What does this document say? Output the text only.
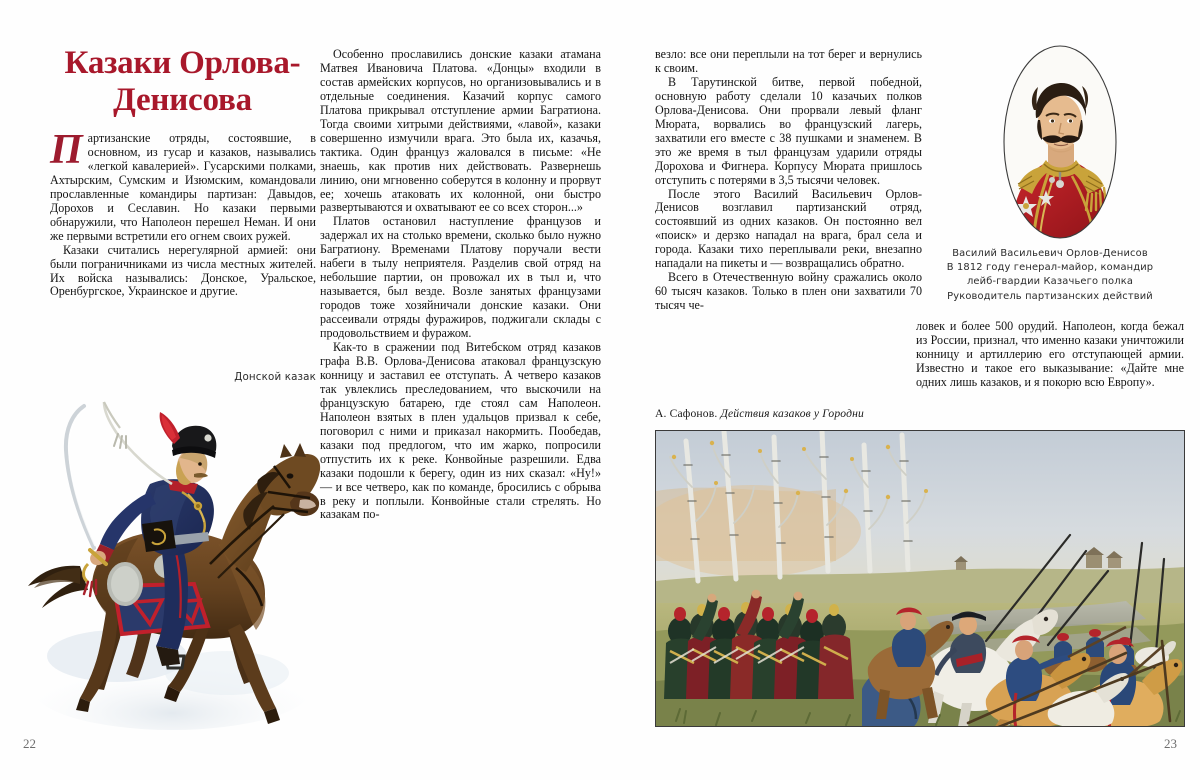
Казаки Орлова-
Денисова

Партизанские отряды, состоявшие, в основном, из гусар и казаков, назывались «легкой кавалерией». Гусарскими полками, Ахтырским, Сумским и Изюмским, командовали прославленные командиры партизан: Давыдов, Дорохов и Сеславин. Но казаки первыми обнаружили, что Наполеон перешел Неман. И они же первыми встретили его огнем своих ружей.

Казаки считались нерегулярной армией: они были пограничниками из числа местных жителей. Их войска назывались: Донское, Уральское, Оренбургское, Украинское и другие.

Донской казак
22

Особенно прославились донские казаки атамана Матвея Ивановича Платова. «Донцы» входили в состав армейских корпусов, но организовывались и в отдельные соединения. Казачий корпус самого Платова прикрывал отступление армии Багратиона. Тогда своими хитрыми действиями, «лавой», казаки совершенно измучили врага. Это была их, казачья, тактика. Один француз жаловался в письме: «Не знаешь, как против них действовать. Развернешь линию, они мгновенно соберутся в колонну и прорвут ее; хочешь атаковать их колонной, они быстро развертываются и охватывают ее со всех сторон...»

Платов остановил наступление французов и задержал их на столько времени, сколько было нужно Багратиону. Временами Платову поручали вести набеги в тылу неприятеля. Разделив свой отряд на небольшие партии, он провожал их в тыл и, что называется, был везде. Возле занятых французами городов тоже хозяйничали донские казаки. Они рассеивали отряды фуражиров, поджигали склады с продовольствием и фуражом.

Как-то в сражении под Витебском отряд казаков графа В.В. Орлова-Денисова атаковал французскую конницу и заставил ее отступать. А четверо казаков так увлеклись преследованием, что выскочили на французскую батарею, где стоял сам Наполеон. Наполеон взятых в плен удальцов призвал к себе, поговорил с ними и приказал накормить. Пообедав, казаки под предлогом, что им жарко, попросили отпустить их к реке. Конвойные разрешили. Едва казаки подошли к берегу, один из них сказал: «Ну!» — и все четверо, как по команде, бросились с обрыва в реку и поплыли. Конвойные стали стрелять. Но казакам по-

везло: все они переплыли на тот берег и вернулись к своим.

В Тарутинской битве, первой победной, основную работу сделали 10 казачьих полков Орлова-Денисова. Они прорвали левый фланг Мюрата, ворвались во французский лагерь, захватили его вместе с 38 пушками и знаменем. В это же время в тыл французам ударили отряды Дорохова и Фигнера. Корпусу Мюрата пришлось отступить с потерями в 3,5 тысячи человек.

После этого Василий Васильевич Орлов-Денисов возглавил партизанский отряд, состоявший из одних казаков. Он постоянно вел «поиск» и дерзко нападал на врага, брал села и города. Казаки тихо переплывали реки, внезапно нападали на пикеты и — возвращались обратно.

Всего в Отечественную войну сражались около 60 тысяч казаков. Только в плен они захватили 70 тысяч че-

ловек и более 500 орудий. Наполеон, когда бежал из России, признал, что именно казаки уничтожили конницу и артиллерию его отступающей армии. Известно и такое его выказывание: «Дайте мне одних лишь казаков, и я покорю всю Европу».

Василий Васильевич Орлов-Денисов
В 1812 году генерал-майор, командир
лейб-гвардии Казачьего полка
Руководитель партизанских действий
А. Сафонов. Действия казаков у Городни
23
